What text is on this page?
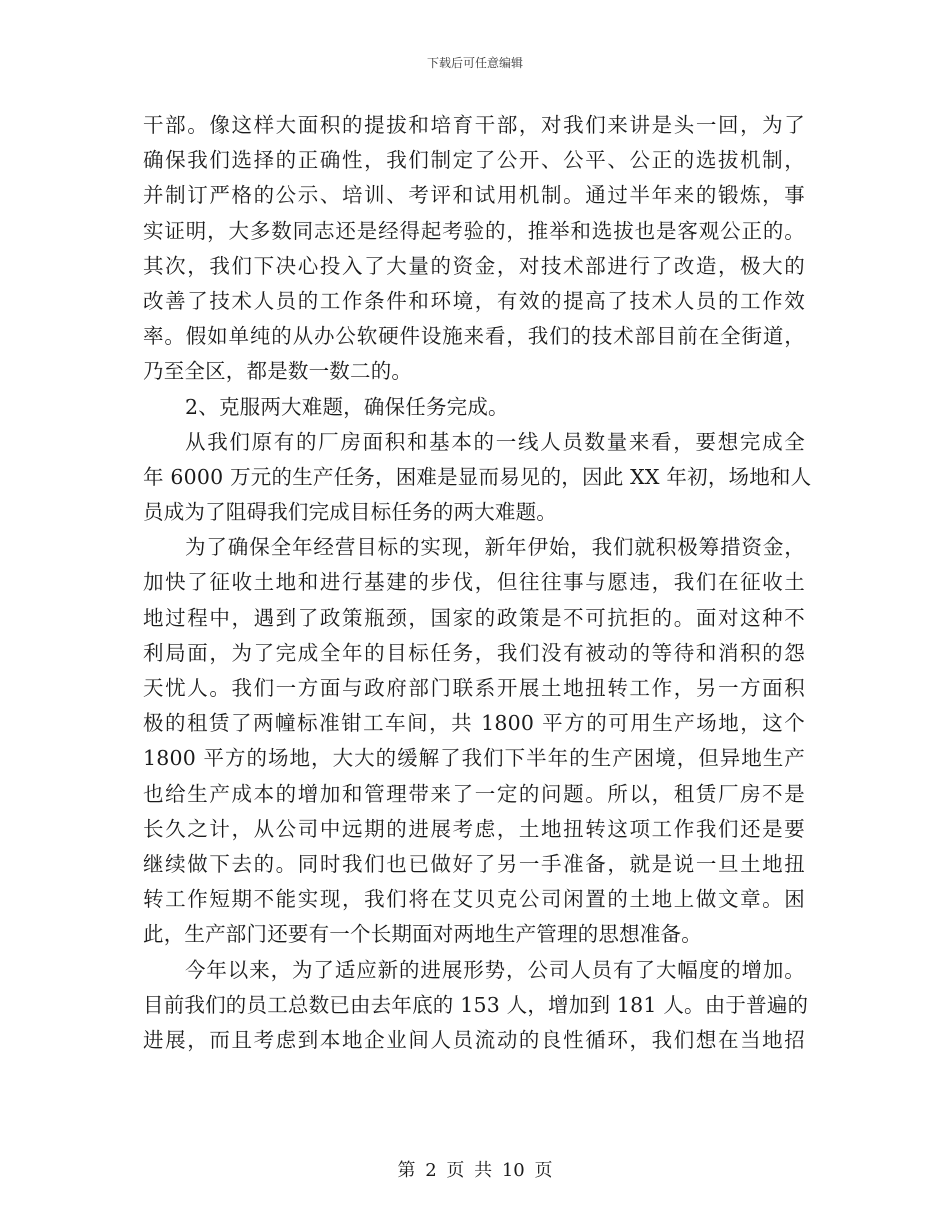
下载后可任意编辑
干部。像这样大面积的提拔和培育干部，对我们来讲是头一回，为了
确保我们选择的正确性，我们制定了公开、公平、公正的选拔机制，
并制订严格的公示、培训、考评和试用机制。通过半年来的锻炼，事
实证明，大多数同志还是经得起考验的，推举和选拔也是客观公正的。
其次，我们下决心投入了大量的资金，对技术部进行了改造，极大的
改善了技术人员的工作条件和环境，有效的提高了技术人员的工作效
率。假如单纯的从办公软硬件设施来看，我们的技术部目前在全街道，
乃至全区，都是数一数二的。
2、克服两大难题，确保任务完成。
从我们原有的厂房面积和基本的一线人员数量来看，要想完成全
年 6000 万元的生产任务，困难是显而易见的，因此 XX 年初，场地和人
员成为了阻碍我们完成目标任务的两大难题。
为了确保全年经营目标的实现，新年伊始，我们就积极筹措资金，
加快了征收土地和进行基建的步伐，但往往事与愿违，我们在征收土
地过程中，遇到了政策瓶颈，国家的政策是不可抗拒的。面对这种不
利局面，为了完成全年的目标任务，我们没有被动的等待和消积的怨
天忧人。我们一方面与政府部门联系开展土地扭转工作，另一方面积
极的租赁了两幢标准钳工车间，共 1800 平方的可用生产场地，这个
1800 平方的场地，大大的缓解了我们下半年的生产困境，但异地生产
也给生产成本的增加和管理带来了一定的问题。所以，租赁厂房不是
长久之计，从公司中远期的进展考虑，土地扭转这项工作我们还是要
继续做下去的。同时我们也已做好了另一手准备，就是说一旦土地扭
转工作短期不能实现，我们将在艾贝克公司闲置的土地上做文章。困
此，生产部门还要有一个长期面对两地生产管理的思想准备。
今年以来，为了适应新的进展形势，公司人员有了大幅度的增加。
目前我们的员工总数已由去年底的 153 人，增加到 181 人。由于普遍的
进展，而且考虑到本地企业间人员流动的良性循环，我们想在当地招
第 2 页 共 10 页
